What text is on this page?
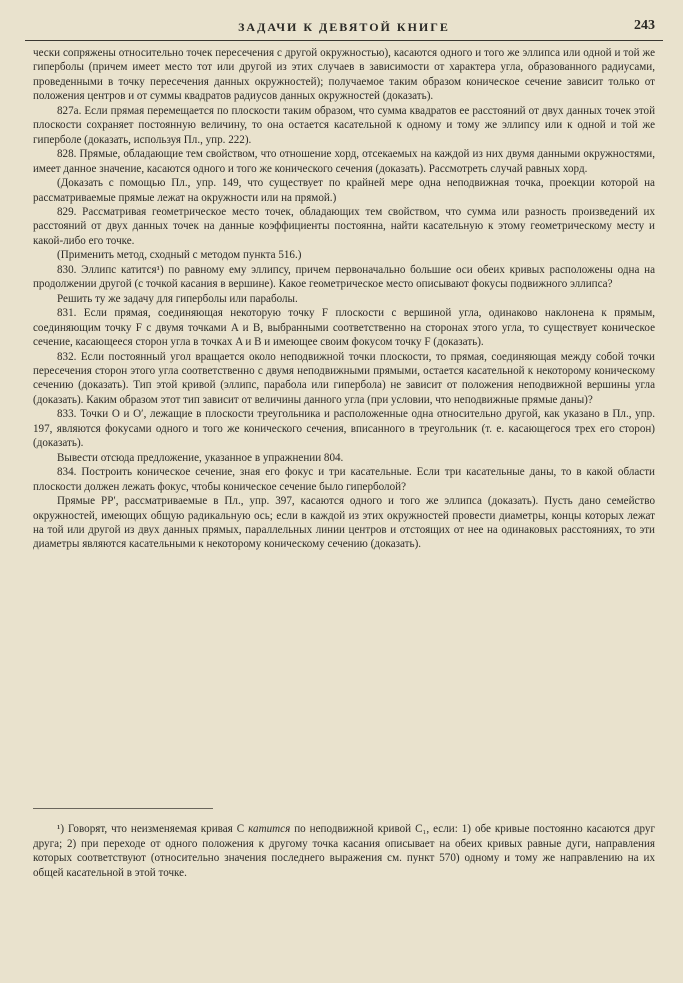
ЗАДАЧИ К ДЕВЯТОЙ КНИГЕ	243

чески сопряжены относительно точек пересечения с другой окружностью), касаются одного и того же эллипса или одной и той же гиперболы (причем имеет место тот или другой из этих случаев в зависимости от характера угла, образованного радиусами, проведенными в точку пересечения данных окружностей); получаемое таким образом коническое сечение зависит только от положения центров и от суммы квадратов радиусов данных окружностей (доказать).

827а. Если прямая перемещается по плоскости таким образом, что сумма квадратов ее расстояний от двух данных точек этой плоскости сохраняет постоянную величину, то она остается касательной к одному и тому же эллипсу или к одной и той же гиперболе (доказать, используя Пл., упр. 222).

828. Прямые, обладающие тем свойством, что отношение хорд, отсекаемых на каждой из них двумя данными окружностями, имеет данное значение, касаются одного и того же конического сечения (доказать). Рассмотреть случай равных хорд.

(Доказать с помощью Пл., упр. 149, что существует по крайней мере одна неподвижная точка, проекции которой на рассматриваемые прямые лежат на окружности или на прямой.)

829. Рассматривая геометрическое место точек, обладающих тем свойством, что сумма или разность произведений их расстояний от двух данных точек на данные коэффициенты постоянна, найти касательную к этому геометрическому месту и какой-либо его точке.

(Применить метод, сходный с методом пункта 516.)

830. Эллипс катится¹) по равному ему эллипсу, причем первоначально большие оси обеих кривых расположены одна на продолжении другой (с точкой касания в вершине). Какое геометрическое место описывают фокусы подвижного эллипса?

Решить ту же задачу для гиперболы или параболы.

831. Если прямая, соединяющая некоторую точку F плоскости с вершиной угла, одинаково наклонена к прямым, соединяющим точку F с двумя точками A и B, выбранными соответственно на сторонах этого угла, то существует коническое сечение, касающееся сторон угла в точках A и B и имеющее своим фокусом точку F (доказать).

832. Если постоянный угол вращается около неподвижной точки плоскости, то прямая, соединяющая между собой точки пересечения сторон этого угла соответственно с двумя неподвижными прямыми, остается касательной к некоторому коническому сечению (доказать). Тип этой кривой (эллипс, парабола или гипербола) не зависит от положения неподвижной вершины угла (доказать). Каким образом этот тип зависит от величины данного угла (при условии, что неподвижные прямые даны)?

833. Точки O и O′, лежащие в плоскости треугольника и расположенные одна относительно другой, как указано в Пл., упр. 197, являются фокусами одного и того же конического сечения, вписанного в треугольник (т. е. касающегося трех его сторон) (доказать).

Вывести отсюда предложение, указанное в упражнении 804.

834. Построить коническое сечение, зная его фокус и три касательные. Если три касательные даны, то в какой области плоскости должен лежать фокус, чтобы коническое сечение было гиперболой?

Прямые PP′, рассматриваемые в Пл., упр. 397, касаются одного и того же эллипса (доказать). Пусть дано семейство окружностей, имеющих общую радикальную ось; если в каждой из этих окружностей провести диаметры, концы которых лежат на той или другой из двух данных прямых, параллельных линии центров и отстоящих от нее на одинаковых расстояниях, то эти диаметры являются касательными к некоторому коническому сечению (доказать).

¹) Говорят, что неизменяемая кривая C катится по неподвижной кривой C₁, если: 1) обе кривые постоянно касаются друг друга; 2) при переходе от одного положения к другому точка касания описывает на обеих кривых равные дуги, направления которых соответствуют (относительно значения последнего выражения см. пункт 570) одному и тому же направлению на их общей касательной в этой точке.
